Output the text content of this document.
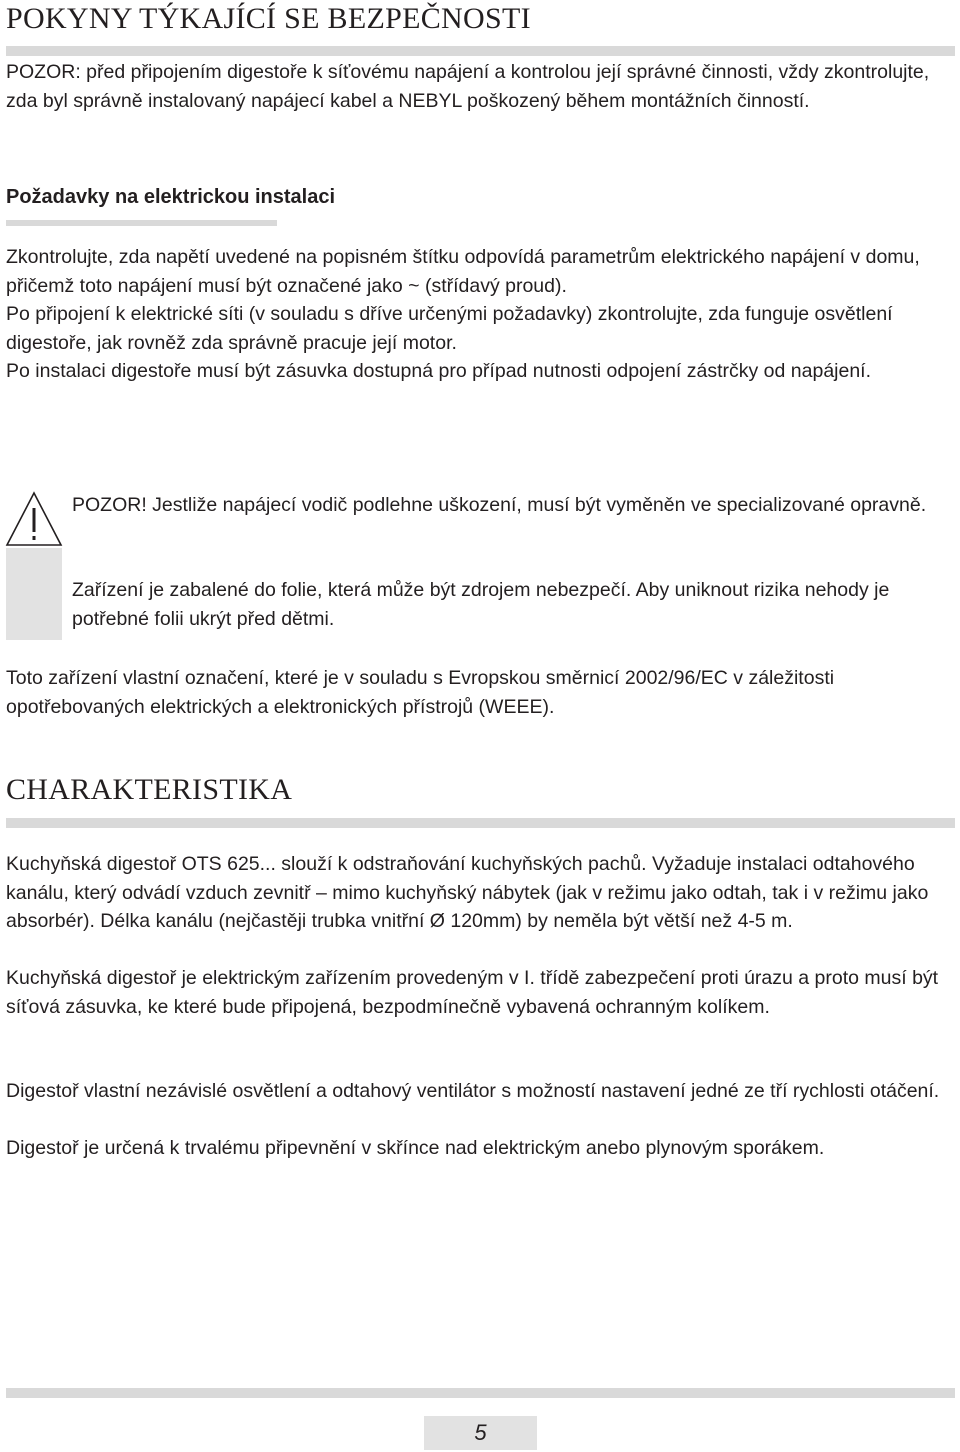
POKYNY TÝKAJÍCÍ SE BEZPEČNOSTI

POZOR: před připojením digestoře k síťovému napájení a kontrolou její správné činnosti, vždy zkontrolujte, zda byl správně instalovaný napájecí kabel a NEBYL poškozený během montážních činností.

Požadavky na elektrickou instalaci

Zkontrolujte, zda napětí uvedené na popisném štítku odpovídá parametrům elektrického napájení v domu, přičemž toto napájení musí být označené jako ~ (střídavý proud).

Po připojení k elektrické síti (v souladu s dříve určenými požadavky) zkontrolujte, zda funguje osvětlení digestoře, jak rovněž zda správně pracuje její motor.

Po instalaci digestoře musí být zásuvka dostupná pro případ nutnosti odpojení zástrčky od napájení.

POZOR! Jestliže napájecí vodič podlehne uškození, musí být vyměněn ve specializované opravně.

Zařízení je zabalené do folie, která může být zdrojem nebezpečí. Aby uniknout rizika nehody je potřebné folii ukrýt před dětmi.

Toto zařízení vlastní označení, které je v souladu s Evropskou směrnicí 2002/96/EC v záležitosti opotřebovaných elektrických a elektronických přístrojů (WEEE).

CHARAKTERISTIKA

Kuchyňská digestoř OTS 625... slouží k odstraňování kuchyňských pachů. Vyžaduje instalaci odtahového kanálu, který odvádí vzduch zevnitř – mimo kuchyňský nábytek (jak v režimu jako odtah, tak i v režimu jako absorbér). Délka kanálu (nejčastěji trubka vnitřní Ø 120mm) by neměla být větší než 4-5 m.

Kuchyňská digestoř je elektrickým zařízením provedeným v I. třídě zabezpečení proti úrazu a proto musí být síťová zásuvka, ke které bude připojená, bezpodmínečně vybavená ochranným kolíkem.

Digestoř vlastní nezávislé osvětlení a odtahový ventilátor s možností nastavení jedné ze tří rychlosti otáčení.

Digestoř je určená k trvalému připevnění v skřínce nad elektrickým anebo plynovým sporákem.

5
